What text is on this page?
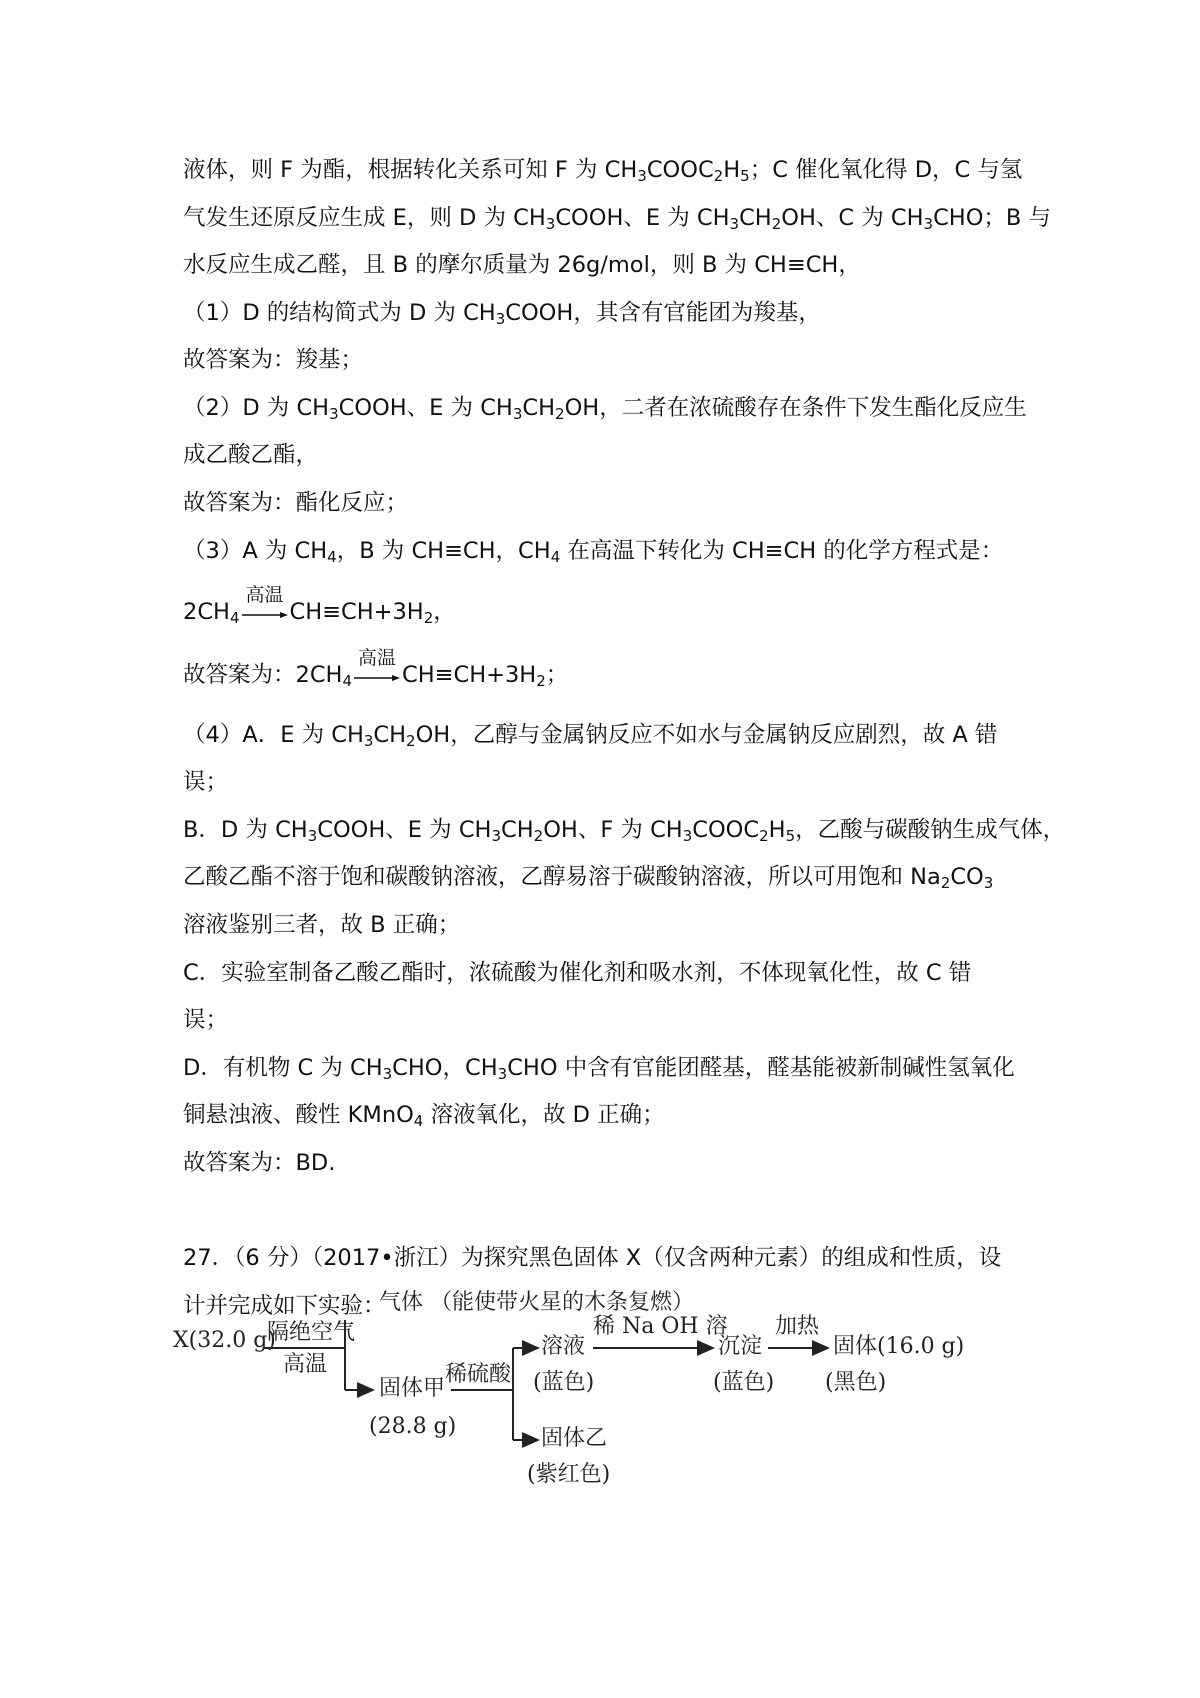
液体，则 F 为酯，根据转化关系可知 F 为 $CH_3COOC_2H_5$；C 催化氧化得 D，C 与氢
气发生还原反应生成 E，则 D 为 $CH_3COOH$、E 为 $CH_3CH_2OH$、C 为 $CH_3CHO$；B 与
水反应生成乙醛，且 B 的摩尔质量为 26g/mol，则 B 为 CH≡CH，
（1）D 的结构简式为 D 为 $CH_3COOH$，其含有官能团为羧基，
故答案为：羧基；
（2）D 为 $CH_3COOH$、E 为 $CH_3CH_2OH$，二者在浓硫酸存在条件下发生酯化反应生
成乙酸乙酯，
故答案为：酯化反应；
（3）A 为 $CH_4$，B 为 CH≡CH，$CH_4$ 在高温下转化为 CH≡CH 的化学方程式是：
$2CH_4$
高温
$CH\equiv CH+3H_2$，
故答案为：$2CH_4$
高温
$CH\equiv CH+3H_2$；
（4）A．E 为 $CH_3CH_2OH$，乙醇与金属钠反应不如水与金属钠反应剧烈，故 A 错
误；
B．D 为 $CH_3COOH$、E 为 $CH_3CH_2OH$、F 为 $CH_3COOC_2H_5$，乙酸与碳酸钠生成气体，
乙酸乙酯不溶于饱和碳酸钠溶液，乙醇易溶于碳酸钠溶液，所以可用饱和 $Na_2CO_3$
溶液鉴别三者，故 B 正确；
C．实验室制备乙酸乙酯时，浓硫酸为催化剂和吸水剂，不体现氧化性，故 C 错
误；
D．有机物 C 为 $CH_3CHO$，$CH_3CHO$ 中含有官能团醛基，醛基能被新制碱性氢氧化
铜悬浊液、酸性 KMnO$_4$ 溶液氧化，故 D 正确；
故答案为：BD.
27．（6 分）（2017•浙江）为探究黑色固体 X（仅含两种元素）的组成和性质，设
计并完成如下实验：
X(32.0 g)
隔绝空气
高温
气体 （能使带火星的木条复燃）
固体甲
(28.8 g)
稀硫酸
溶液
(蓝色)
稀 Na OH 溶
沉淀
(蓝色)
加热
固体(16.0 g)
(黑色)
固体乙
(紫红色)
